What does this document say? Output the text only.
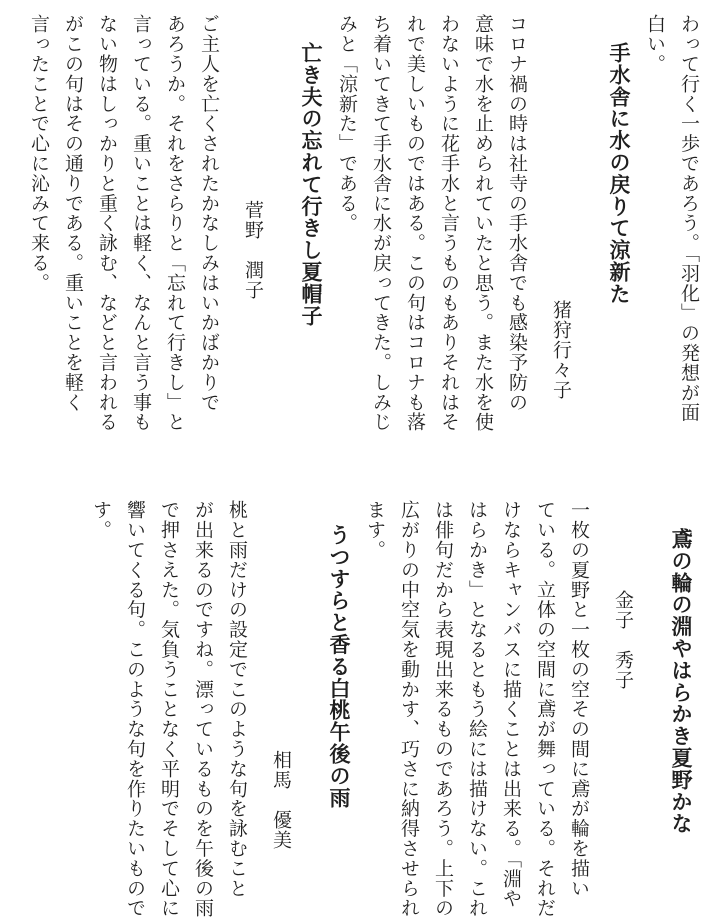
わって行く一歩であろう。「羽化」の発想が面
白い。
手水舎に水の戻りて涼新た
猪狩行々子
コロナ禍の時は社寺の手水舎でも感染予防の
意味で水を止められていたと思う。また水を使
わないように花手水と言うものもありそれはそ
れで美しいものではある。この句はコロナも落
ち着いてきて手水舎に水が戻ってきた。しみじ
みと「涼新た」である。
亡き夫の忘れて行きし夏帽子
菅野　潤子
ご主人を亡くされたかなしみはいかばかりで
あろうか。それをさらりと「忘れて行きし」と
言っている。重いことは軽く、なんと言う事も
ない物はしっかりと重く詠む、などと言われる
がこの句はその通りである。重いことを軽く
言ったことで心に沁みて来る。
鳶の輪の淵やはらかき夏野かな
金子　秀子
一枚の夏野と一枚の空その間に鳶が輪を描い
ている。立体の空間に鳶が舞っている。それだ
けならキャンバスに描くことは出来る。「淵や
はらかき」となるともう絵には描けない。これ
は俳句だから表現出来るものであろう。上下の
広がりの中空気を動かす、巧さに納得させられ
ます。
うつすらと香る白桃午後の雨
相馬　優美
桃と雨だけの設定でこのような句を詠むこと
が出来るのですね。漂っているものを午後の雨
で押さえた。気負うことなく平明でそして心に
響いてくる句。このような句を作りたいもので
す。
